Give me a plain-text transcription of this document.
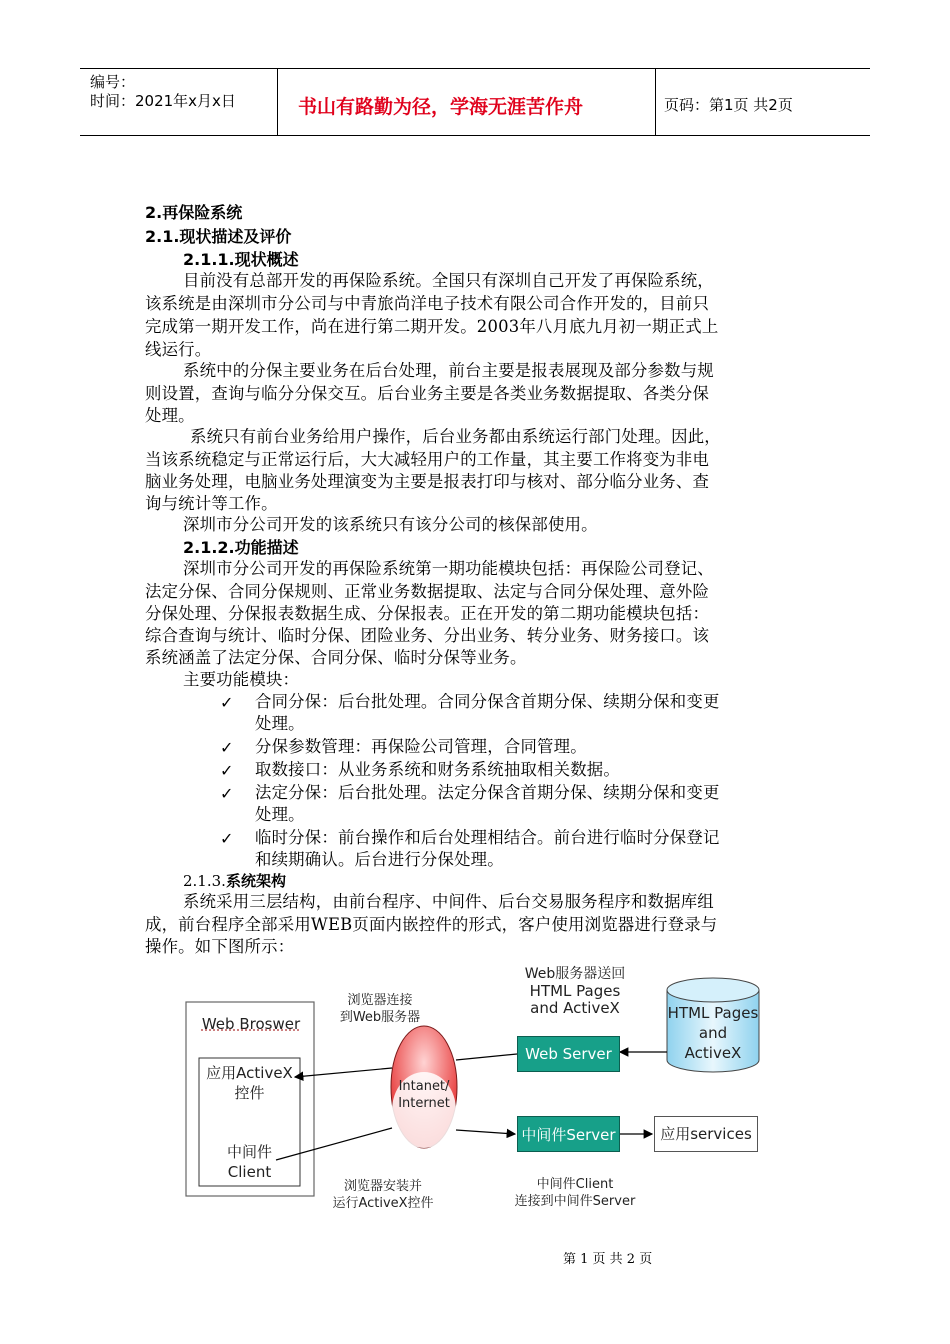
编号：
时间：2021年x月x日	书山有路勤为径，学海无涯苦作舟	页码：第1页 共2页
2.再保险系统
2.1.现状描述及评价
2.1.1.现状概述
目前没有总部开发的再保险系统。全国只有深圳自己开发了再保险系统，
该系统是由深圳市分公司与中青旅尚洋电子技术有限公司合作开发的，目前只
完成第一期开发工作，尚在进行第二期开发。2003年八月底九月初一期正式上
线运行。
系统中的分保主要业务在后台处理，前台主要是报表展现及部分参数与规
则设置，查询与临分分保交互。后台业务主要是各类业务数据提取、各类分保
处理。
系统只有前台业务给用户操作，后台业务都由系统运行部门处理。因此，
当该系统稳定与正常运行后，大大减轻用户的工作量，其主要工作将变为非电
脑业务处理，电脑业务处理演变为主要是报表打印与核对、部分临分业务、查
询与统计等工作。
深圳市分公司开发的该系统只有该分公司的核保部使用。
2.1.2.功能描述
深圳市分公司开发的再保险系统第一期功能模块包括：再保险公司登记、
法定分保、合同分保规则、正常业务数据提取、法定与合同分保处理、意外险
分保处理、分保报表数据生成、分保报表。正在开发的第二期功能模块包括：
综合查询与统计、临时分保、团险业务、分出业务、转分业务、财务接口。该
系统涵盖了法定分保、合同分保、临时分保等业务。
主要功能模块：
✓ 合同分保：后台批处理。合同分保含首期分保、续期分保和变更
处理。
✓ 分保参数管理：再保险公司管理，合同管理。
✓ 取数接口：从业务系统和财务系统抽取相关数据。
✓ 法定分保：后台批处理。法定分保含首期分保、续期分保和变更
处理。
✓ 临时分保：前台操作和后台处理相结合。前台进行临时分保登记
和续期确认。后台进行分保处理。
2.1.3.系统架构
系统采用三层结构，由前台程序、中间件、后台交易服务程序和数据库组
成，前台程序全部采用WEB页面内嵌控件的形式，客户使用浏览器进行登录与
操作。如下图所示：
Web Broswer
应用ActiveX
控件
中间件
Client
浏览器连接
到Web服务器
Intanet/
Internet
Web服务器送回
HTML Pages
and ActiveX	HTML Pages
and
ActiveX
Web Server
中间件Server	应用services
浏览器安装并
运行ActiveX控件
中间件Client
连接到中间件Server
第 1 页 共 2 页
